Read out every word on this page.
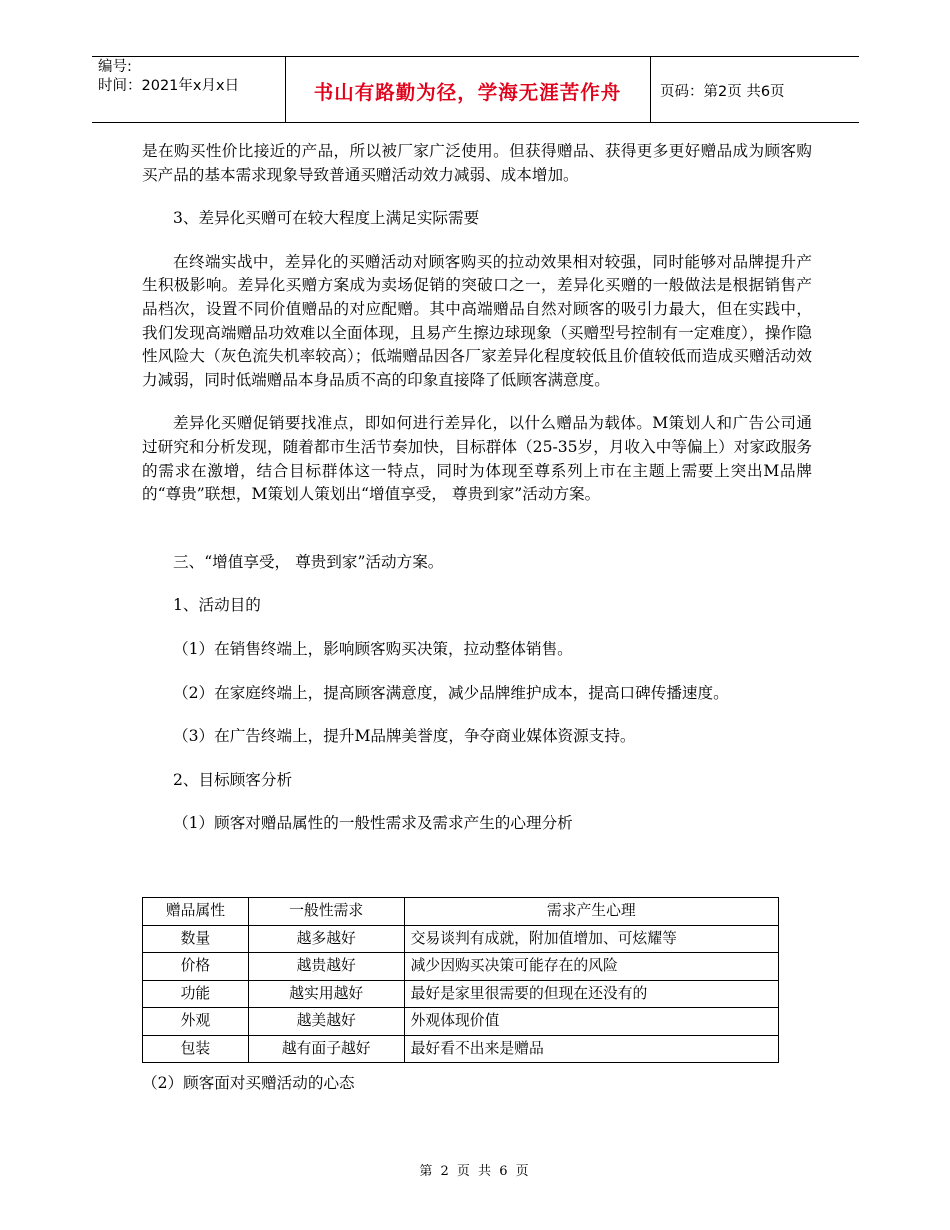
编号:
时间：2021年x月x日	书山有路勤为径，学海无涯苦作舟	页码：第2页 共6页

是在购买性价比接近的产品，所以被厂家广泛使用。但获得赠品、获得更多更好赠品成为顾客购买产品的基本需求现象导致普通买赠活动效力减弱、成本增加。

3、差异化买赠可在较大程度上满足实际需要

在终端实战中，差异化的买赠活动对顾客购买的拉动效果相对较强，同时能够对品牌提升产生积极影响。差异化买赠方案成为卖场促销的突破口之一，差异化买赠的一般做法是根据销售产品档次，设置不同价值赠品的对应配赠。其中高端赠品自然对顾客的吸引力最大，但在实践中，我们发现高端赠品功效难以全面体现，且易产生擦边球现象（买赠型号控制有一定难度），操作隐性风险大（灰色流失机率较高）；低端赠品因各厂家差异化程度较低且价值较低而造成买赠活动效力减弱，同时低端赠品本身品质不高的印象直接降了低顾客满意度。

差异化买赠促销要找准点，即如何进行差异化，以什么赠品为载体。M策划人和广告公司通过研究和分析发现，随着都市生活节奏加快，目标群体（25-35岁，月收入中等偏上）对家政服务的需求在激增，结合目标群体这一特点，同时为体现至尊系列上市在主题上需要上突出M品牌的“尊贵”联想，M策划人策划出“增值享受， 尊贵到家”活动方案。

三、“增值享受， 尊贵到家”活动方案。

1、活动目的

（1）在销售终端上，影响顾客购买决策，拉动整体销售。

（2）在家庭终端上，提高顾客满意度，减少品牌维护成本，提高口碑传播速度。

（3）在广告终端上，提升M品牌美誉度，争夺商业媒体资源支持。

2、目标顾客分析

（1）顾客对赠品属性的一般性需求及需求产生的心理分析

赠品属性	一般性需求	需求产生心理
数量	越多越好	交易谈判有成就，附加值增加、可炫耀等
价格	越贵越好	减少因购买决策可能存在的风险
功能	越实用越好	最好是家里很需要的但现在还没有的
外观	越美越好	外观体现价值
包装	越有面子越好	最好看不出来是赠品
（2）顾客面对买赠活动的心态
第 2 页 共 6 页
